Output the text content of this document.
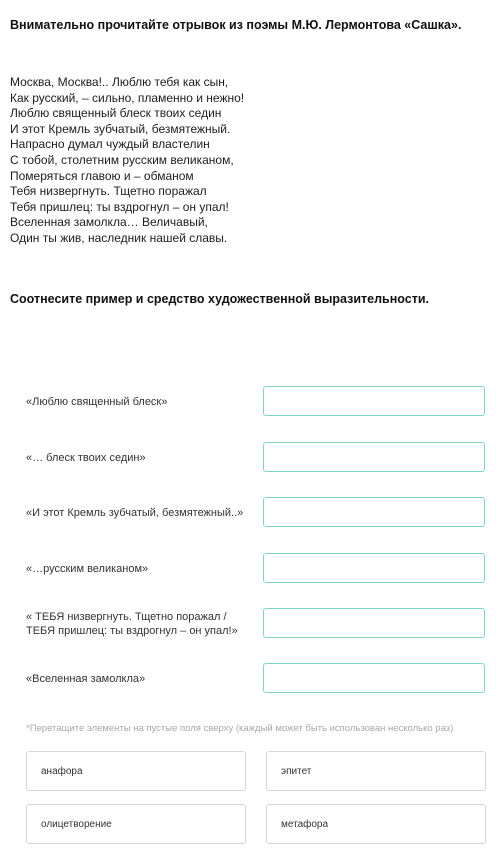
Внимательно прочитайте отрывок из поэмы М.Ю. Лермонтова «Сашка».
Москва, Москва!.. Люблю тебя как сын,
Как русский, – сильно, пламенно и нежно!
Люблю священный блеск твоих седин
И этот Кремль зубчатый, безмятежный.
Напрасно думал чуждый властелин
С тобой, столетним русским великаном,
Померяться главою и – обманом
Тебя низвергнуть. Тщетно поражал
Тебя пришлец: ты вздрогнул – он упал!
Вселенная замолкла… Величавый,
Один ты жив, наследник нашей славы.
Соотнесите пример и средство художественной выразительности.
«Люблю священный блеск»
«… блеск твоих седин»
«И этот Кремль зубчатый, безмятежный..»
«…русским великаном»
« ТЕБЯ низвергнуть. Тщетно поражал / ТЕБЯ пришлец: ты вздрогнул – он упал!»
«Вселенная замолкла»
*Перетащите элементы на пустые поля сверху (каждый может быть использован несколько раз)
анафора	эпитет
олицетворение	метафора
